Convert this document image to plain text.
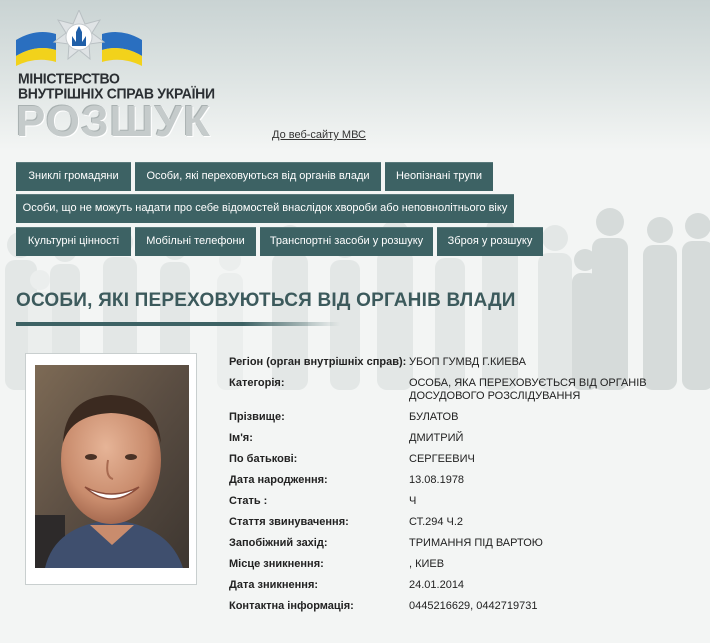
МІНІСТЕРСТВО
ВНУТРІШНІХ СПРАВ УКРАЇНИ
РОЗШУК	До веб-сайту МВС
Зниклі громадяни	Особи, які переховуються від органів влади	Неопізнані трупи
Особи, що не можуть надати про себе відомостей внаслідок хвороби або неповнолітнього віку
Культурні цінності	Мобільні телефони	Транспортні засоби у розшуку	Зброя у розшуку
ОСОБИ, ЯКІ ПЕРЕХОВУЮТЬСЯ ВІД ОРГАНІВ ВЛАДИ
Регіон (орган внутрішніх справ): УБОП ГУМВД Г.КИЕВА
Категорія:	ОСОБА, ЯКА ПЕРЕХОВУЄТЬСЯ ВІД ОРГАНІВ ДОСУДОВОГО РОЗСЛІДУВАННЯ
Прізвище:	БУЛАТОВ
Ім'я:	ДМИТРИЙ
По батькові:	СЕРГЕЕВИЧ
Дата народження:	13.08.1978
Стать :	Ч
Стаття звинувачення:	СТ.294 Ч.2
Запобіжний захід:	ТРИМАННЯ ПІД ВАРТОЮ
Місце зникнення:	, КИЕВ
Дата зникнення:	24.01.2014
Контактна інформація:	0445216629, 0442719731
